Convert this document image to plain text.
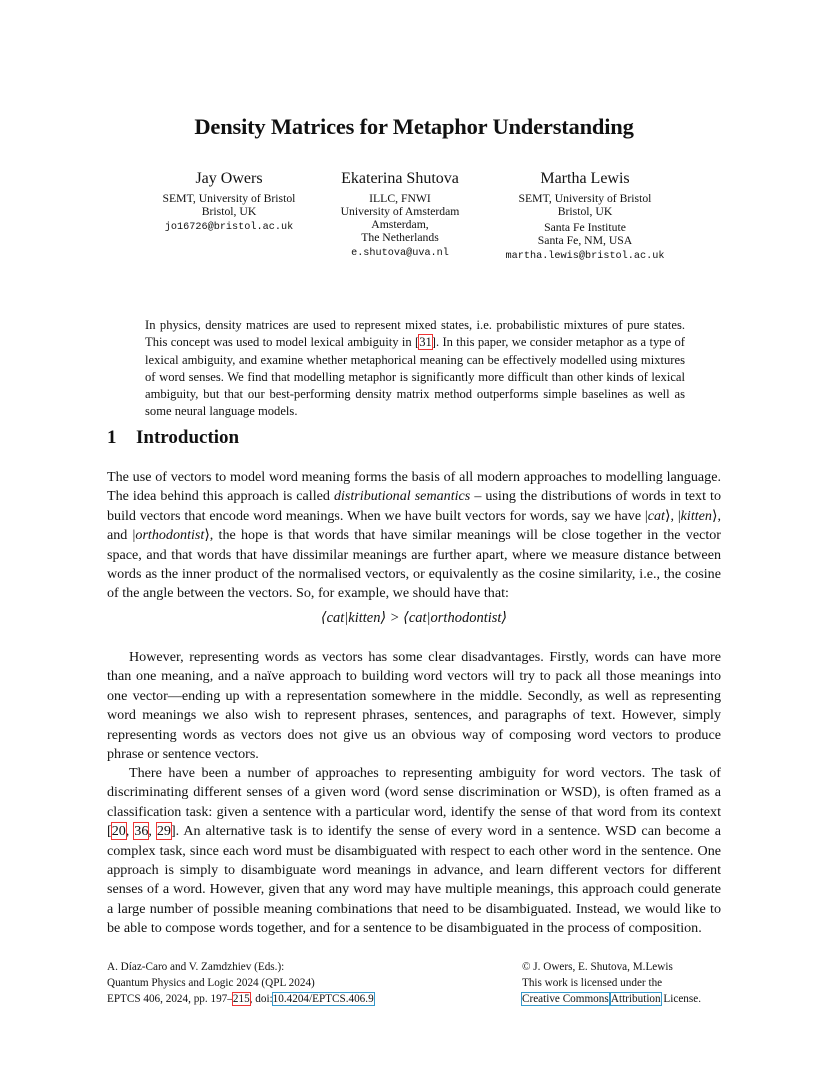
Density Matrices for Metaphor Understanding
Jay Owers
SEMT, University of Bristol
Bristol, UK
jo16726@bristol.ac.uk
Ekaterina Shutova
ILLC, FNWI
University of Amsterdam
Amsterdam,
The Netherlands
e.shutova@uva.nl
Martha Lewis
SEMT, University of Bristol
Bristol, UK
Santa Fe Institute
Santa Fe, NM, USA
martha.lewis@bristol.ac.uk

In physics, density matrices are used to represent mixed states, i.e. probabilistic mixtures of pure states. This concept was used to model lexical ambiguity in [31]. In this paper, we consider metaphor as a type of lexical ambiguity, and examine whether metaphorical meaning can be effectively modelled using mixtures of word senses. We find that modelling metaphor is significantly more difficult than other kinds of lexical ambiguity, but that our best-performing density matrix method outperforms simple baselines as well as some neural language models.

1 Introduction

The use of vectors to model word meaning forms the basis of all modern approaches to modelling language. The idea behind this approach is called distributional semantics – using the distributions of words in text to build vectors that encode word meanings. When we have built vectors for words, say we have |cat⟩, |kitten⟩, and |orthodontist⟩, the hope is that words that have similar meanings will be close together in the vector space, and that words that have dissimilar meanings are further apart, where we measure distance between words as the inner product of the normalised vectors, or equivalently as the cosine similarity, i.e., the cosine of the angle between the vectors. So, for example, we should have that:

⟨cat|kitten⟩ > ⟨cat|orthodontist⟩

However, representing words as vectors has some clear disadvantages. Firstly, words can have more than one meaning, and a naïve approach to building word vectors will try to pack all those meanings into one vector—ending up with a representation somewhere in the middle. Secondly, as well as representing word meanings we also wish to represent phrases, sentences, and paragraphs of text. However, simply representing words as vectors does not give us an obvious way of composing word vectors to produce phrase or sentence vectors.

There have been a number of approaches to representing ambiguity for word vectors. The task of discriminating different senses of a given word (word sense discrimination or WSD), is often framed as a classification task: given a sentence with a particular word, identify the sense of that word from its context [20, 36, 29]. An alternative task is to identify the sense of every word in a sentence. WSD can become a complex task, since each word must be disambiguated with respect to each other word in the sentence. One approach is simply to disambiguate word meanings in advance, and learn different vectors for different senses of a word. However, given that any word may have multiple meanings, this approach could generate a large number of possible meaning combinations that need to be disambiguated. Instead, we would like to be able to compose words together, and for a sentence to be disambiguated in the process of composition.

A. Díaz-Caro and V. Zamdzhiev (Eds.):
Quantum Physics and Logic 2024 (QPL 2024)
EPTCS 406, 2024, pp. 197–215, doi:10.4204/EPTCS.406.9
© J. Owers, E. Shutova, M.Lewis
This work is licensed under the
Creative Commons Attribution License.
